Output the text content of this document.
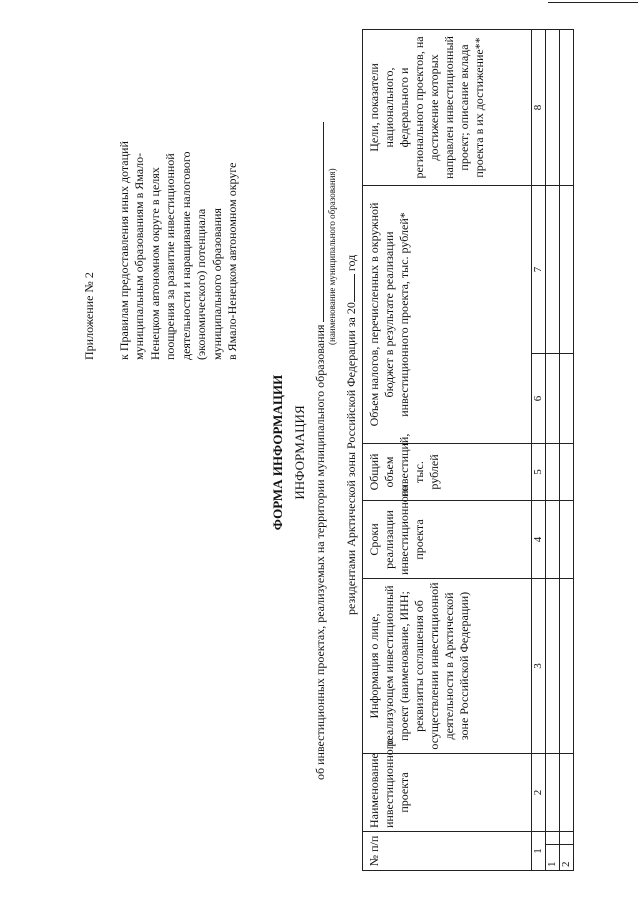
Приложение № 2 к Правилам предоставления иных дотаций муниципальным образованиям в Ямало- Ненецком автономном округе в целях поощрения за развитие инвестиционной деятельности и наращивание налогового (экономического) потенциала муниципального образования в Ямало-Ненецком автономном округе
ФОРМА ИНФОРМАЦИИ ИНФОРМАЦИЯ об инвестиционных проектах, реализуемых на территории муниципального образования
(наименование муниципального образования)
резидентами Арктической зоны Российской Федерации за 20 год
№ п/п		Наименование инвестиционного проекта	Информация о лице, реализующем инвестиционный проект (наименование, ИНН; реквизиты соглашения об осуществлении инвестиционной деятельности в Арктической зоне Российской Федерации)	Сроки реализации инвестиционного проекта	Общий объем инвестиций, тыс. рублей	Объем налогов, перечисленных в окружной бюджет в результате реализации инвестиционного проекта, тыс. рублей*		Цели, показатели национального, федерального и регионального проектов, на достижение которых направлен инвестиционный проект; описание вклада проекта в их достижение**
1		2	3	4	5	6	7	8
1								
2								
